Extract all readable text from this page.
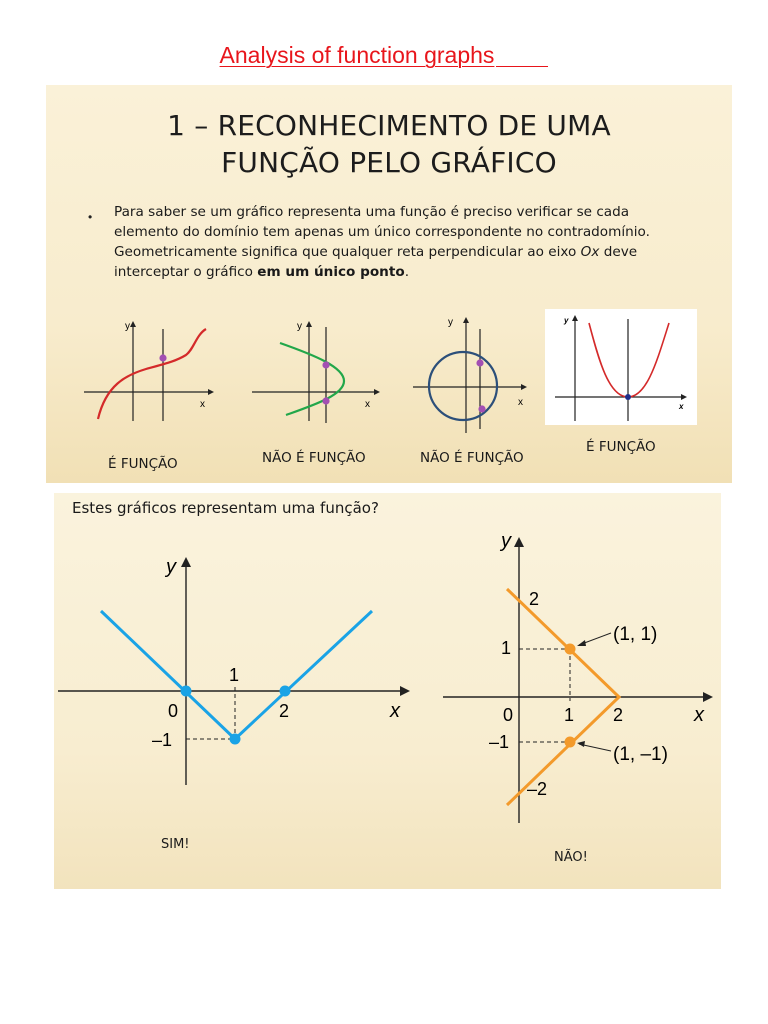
Analysis of function graphs
1 – RECONHECIMENTO DE UMA
FUNÇÃO PELO GRÁFICO
• Para saber se um gráfico representa uma função é preciso verificar se cada
elemento do domínio tem apenas um único correspondente no contradomínio.
Geometricamente significa que qualquer reta perpendicular ao eixo Ox deve
interceptar o gráfico em um único ponto.
y
x
y
x
y
x
y
x
É FUNÇÃO	NÃO É FUNÇÃO	NÃO É FUNÇÃO
É FUNÇÃO
Estes gráficos representam uma função?
y
x
1
0	2
–1
y
x
2
1
0	1 2
–1
–2
(1, 1)
(1, –1)
SIM!
NÃO!
